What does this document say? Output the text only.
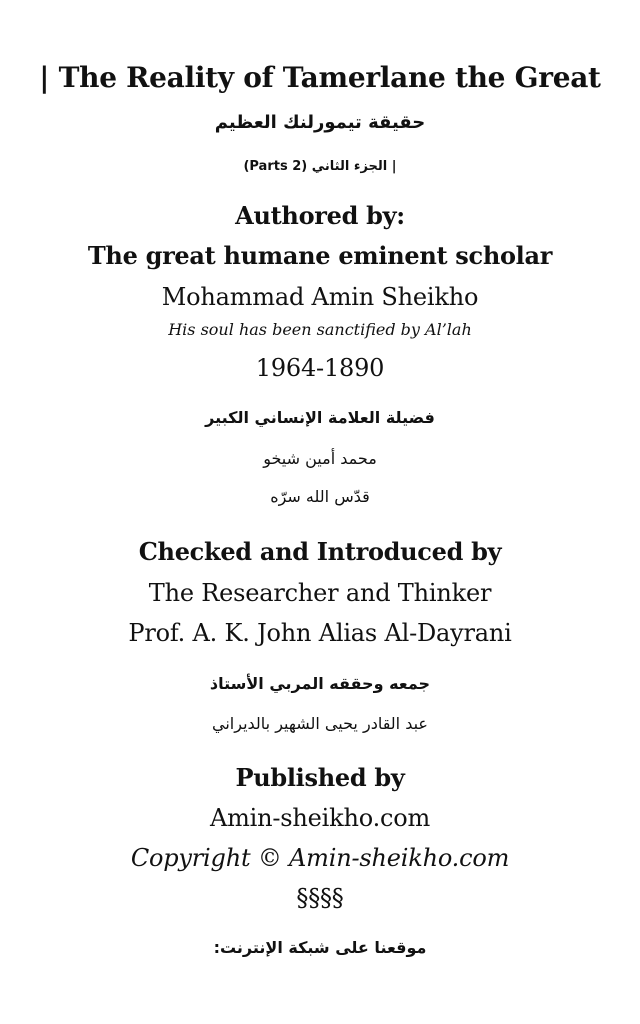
| The Reality of Tamerlane the Great
حقيقة تيمورلنك العظيم
(Parts 2) الجزء الثاني |
Authored by:
The great humane eminent scholar
Mohammad Amin Sheikho
His soul has been sanctified by Al’lah
1964-1890
فضيلة العلامة الإنساني الكبير
محمد أمين شيخو
قدّس الله سرّه
Checked and Introduced by
The Researcher and Thinker
Prof. A. K. John Alias Al-Dayrani
جمعه وحققه المربي الأستاذ
عبد القادر يحيى الشهير بالديراني
Published by
Amin-sheikho.com
Copyright © Amin-sheikho.com
§§§§
موقعنا على شبكة الإنترنت:
